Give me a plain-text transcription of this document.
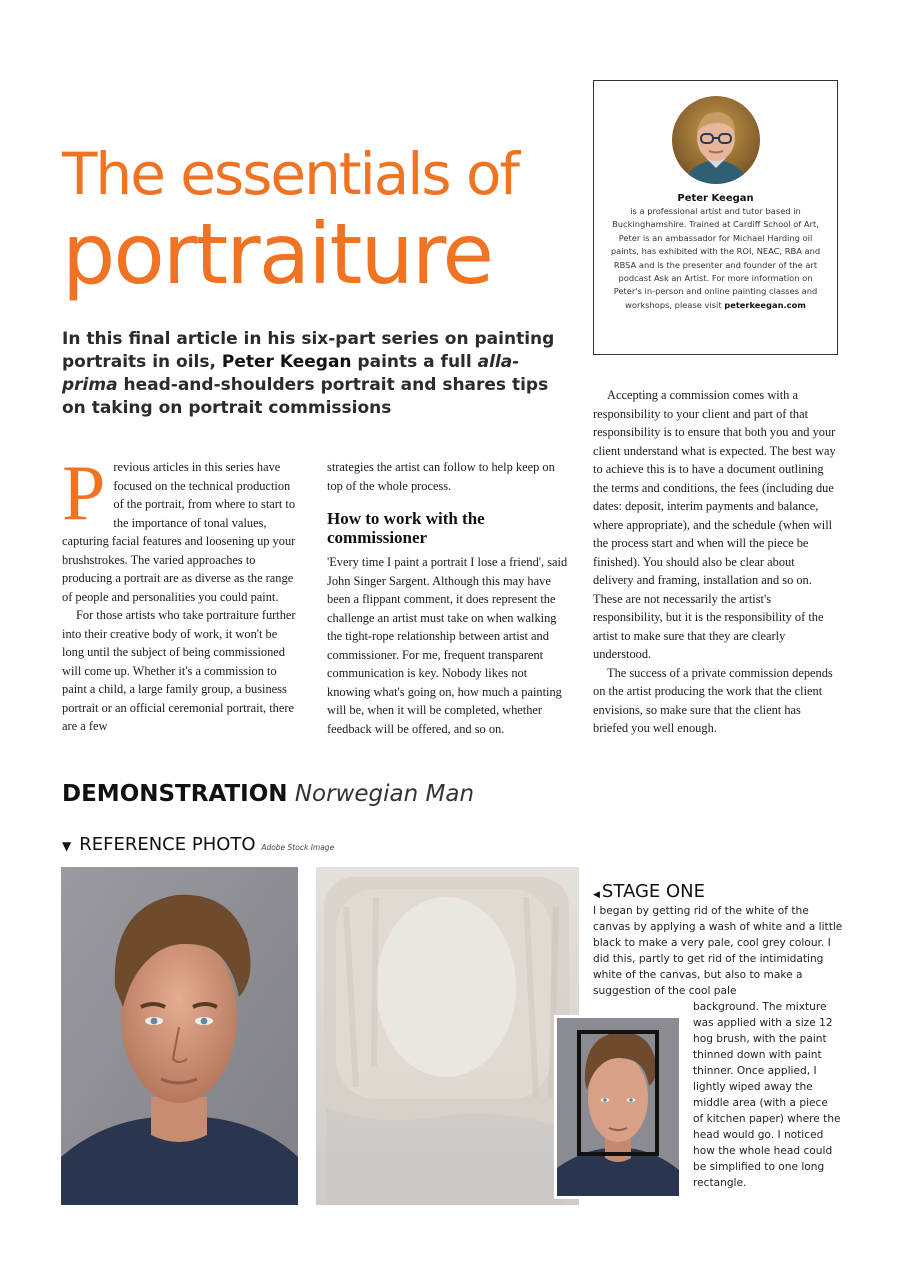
The essentials of
portraiture
In this final article in his six-part series on painting portraits in oils, Peter Keegan paints a full alla-prima head-and-shoulders portrait and shares tips on taking on portrait commissions
Peter Keegan
is a professional artist and tutor based in Buckinghamshire. Trained at Cardiff School of Art, Peter is an ambassador for Michael Harding oil paints, has exhibited with the ROI, NEAC, RBA and RBSA and is the presenter and founder of the art podcast Ask an Artist. For more information on Peter's in-person and online painting classes and workshops, please visit peterkeegan.com

Previous articles in this series have focused on the technical production of the portrait, from where to start to the importance of tonal values, capturing facial features and loosening up your brushstrokes. The varied approaches to producing a portrait are as diverse as the range of people and personalities you could paint.

For those artists who take portraiture further into their creative body of work, it won't be long until the subject of being commissioned will come up. Whether it's a commission to paint a child, a large family group, a business portrait or an official ceremonial portrait, there are a few

strategies the artist can follow to help keep on top of the whole process.

How to work with the commissioner

'Every time I paint a portrait I lose a friend', said John Singer Sargent. Although this may have been a flippant comment, it does represent the challenge an artist must take on when walking the tight-rope relationship between artist and commissioner. For me, frequent transparent communication is key. Nobody likes not knowing what's going on, how much a painting will be, when it will be completed, whether feedback will be offered, and so on.

Accepting a commission comes with a responsibility to your client and part of that responsibility is to ensure that both you and your client understand what is expected. The best way to achieve this is to have a document outlining the terms and conditions, the fees (including due dates: deposit, interim payments and balance, where appropriate), and the schedule (when will the process start and when will the piece be finished). You should also be clear about delivery and framing, installation and so on. These are not necessarily the artist's responsibility, but it is the responsibility of the artist to make sure that they are clearly understood.

The success of a private commission depends on the artist producing the work that the client envisions, so make sure that the client has briefed you well enough.

DEMONSTRATION Norwegian Man
▼ REFERENCE PHOTO Adobe Stock Image
◀ STAGE ONE
I began by getting rid of the white of the canvas by applying a wash of white and a little black to make a very pale, cool grey colour. I did this, partly to get rid of the intimidating white of the canvas, but also to make a suggestion of the cool pale
background. The mixture was applied with a size 12 hog brush, with the paint thinned down with paint thinner. Once applied, I lightly wiped away the middle area (with a piece of kitchen paper) where the head would go. I noticed how the whole head could be simplified to one long rectangle.
